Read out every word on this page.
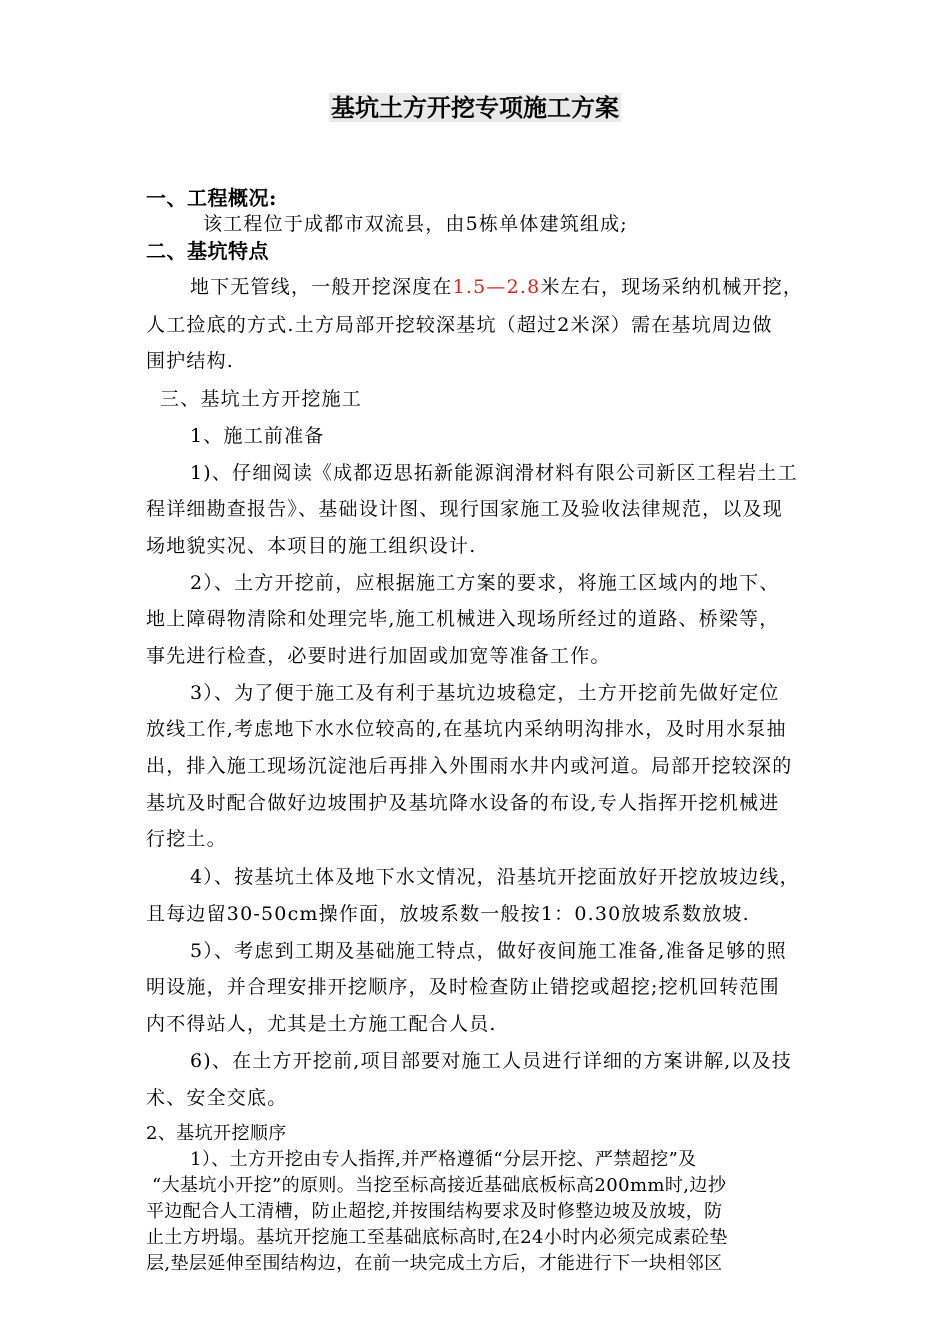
基坑土方开挖专项施工方案
一、工程概况:
该工程位于成都市双流县，由5栋单体建筑组成;
二、基坑特点
地下无管线，一般开挖深度在1.5—2.8米左右，现场采纳机械开挖，
人工捡底的方式.土方局部开挖较深基坑（超过2米深）需在基坑周边做
围护结构.
三、基坑土方开挖施工
1、施工前准备
1)、仔细阅读《成都迈思拓新能源润滑材料有限公司新区工程岩土工
程详细勘查报告》、基础设计图、现行国家施工及验收法律规范，以及现
场地貌实况、本项目的施工组织设计.
2）、土方开挖前，应根据施工方案的要求，将施工区域内的地下、
地上障碍物清除和处理完毕,施工机械进入现场所经过的道路、桥梁等，
事先进行检查，必要时进行加固或加宽等准备工作。
3）、为了便于施工及有利于基坑边坡稳定，土方开挖前先做好定位
放线工作,考虑地下水水位较高的,在基坑内采纳明沟排水，及时用水泵抽
出，排入施工现场沉淀池后再排入外围雨水井内或河道。局部开挖较深的
基坑及时配合做好边坡围护及基坑降水设备的布设,专人指挥开挖机械进
行挖土。
4）、按基坑土体及地下水文情况，沿基坑开挖面放好开挖放坡边线，
且每边留30-50cm操作面，放坡系数一般按1：0.30放坡系数放坡.
5）、考虑到工期及基础施工特点，做好夜间施工准备,准备足够的照
明设施，并合理安排开挖顺序，及时检查防止错挖或超挖;挖机回转范围
内不得站人，尤其是土方施工配合人员.
6)、在土方开挖前,项目部要对施工人员进行详细的方案讲解,以及技
术、安全交底。
2、基坑开挖顺序
1）、土方开挖由专人指挥,并严格遵循“分层开挖、严禁超挖”及
“大基坑小开挖”的原则。当挖至标高接近基础底板标高200mm时,边抄
平边配合人工清槽，防止超挖,并按围结构要求及时修整边坡及放坡，防
止土方坍塌。基坑开挖施工至基础底标高时,在24小时内必须完成素砼垫
层,垫层延伸至围结构边，在前一块完成土方后，才能进行下一块相邻区
